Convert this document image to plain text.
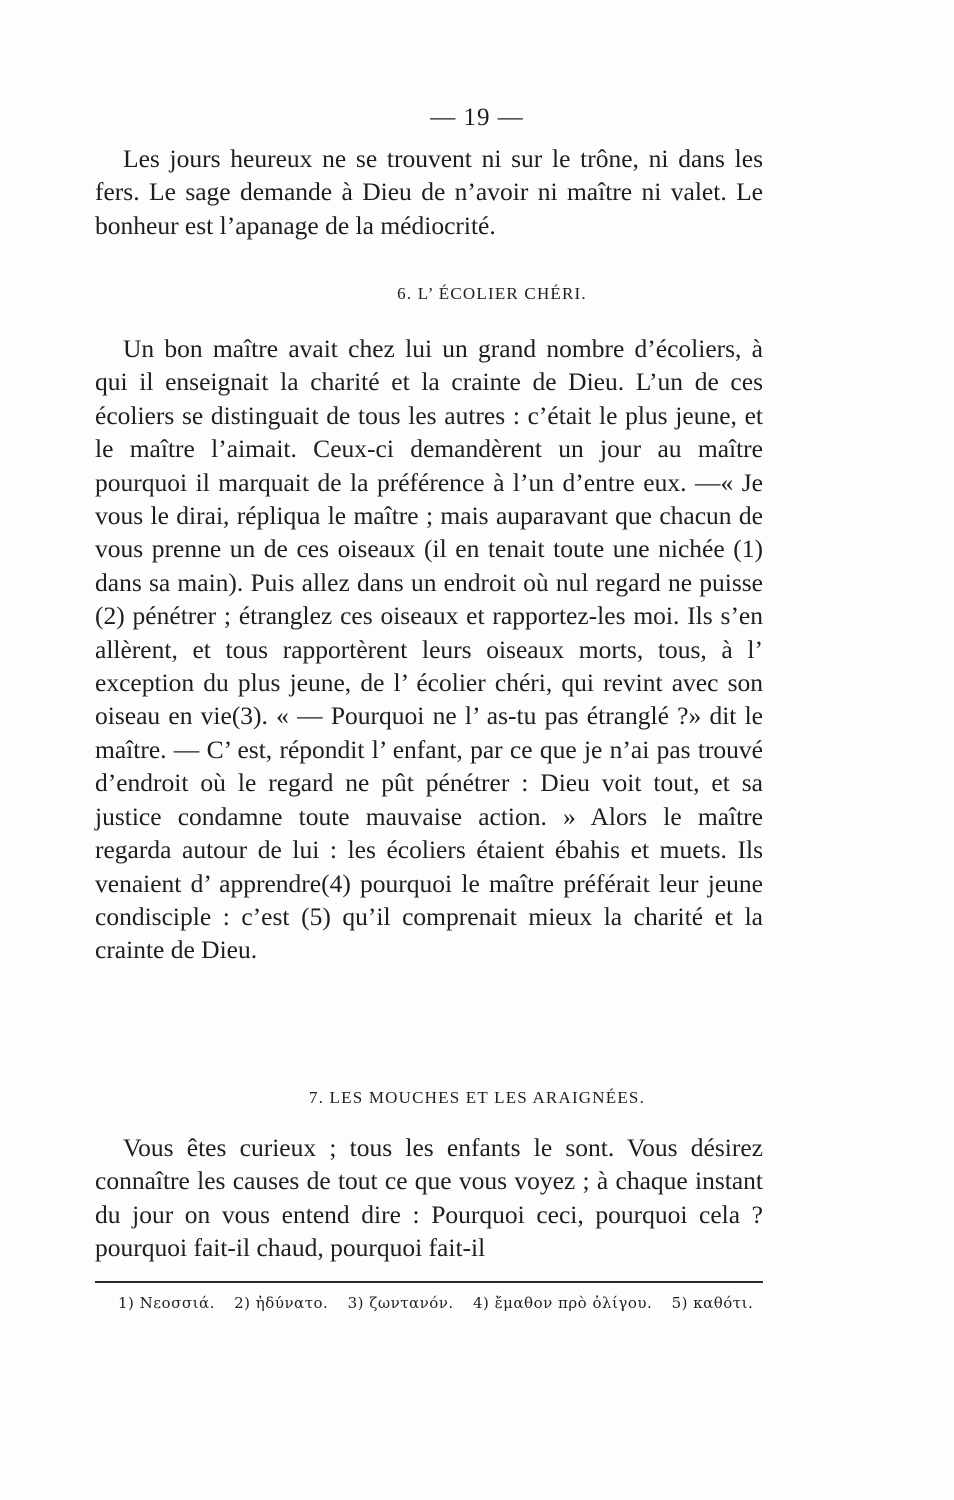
— 19 —

Les jours heureux ne se trouvent ni sur le trône, ni dans les fers. Le sage demande à Dieu de n’avoir ni maître ni valet. Le bonheur est l’apanage de la médiocrité.

6. L’ ÉCOLIER CHÉRI.

Un bon maître avait chez lui un grand nombre d’écoliers, à qui il enseignait la charité et la crainte de Dieu. L’un de ces écoliers se distinguait de tous les autres : c’était le plus jeune, et le maître l’aimait. Ceux-ci demandèrent un jour au maître pourquoi il marquait de la préférence à l’un d’entre eux. —« Je vous le dirai, répliqua le maître ; mais auparavant que chacun de vous prenne un de ces oiseaux (il en tenait toute une nichée (1) dans sa main). Puis allez dans un endroit où nul regard ne puisse (2) pénétrer ; étranglez ces oiseaux et rapportez-les moi. Ils s’en allèrent, et tous rapportèrent leurs oiseaux morts, tous, à l’ exception du plus jeune, de l’ écolier chéri, qui revint avec son oiseau en vie(3). « — Pourquoi ne l’ as-tu pas étranglé ?» dit le maître. — C’ est, répondit l’ enfant, par ce que je n’ai pas trouvé d’endroit où le regard ne pût pénétrer : Dieu voit tout, et sa justice condamne toute mauvaise action. » Alors le maître regarda autour de lui : les écoliers étaient ébahis et muets. Ils venaient d’ apprendre(4) pourquoi le maître préférait leur jeune condisciple : c’est (5) qu’il comprenait mieux la charité et la crainte de Dieu.

7. LES MOUCHES ET LES ARAIGNÉES.

Vous êtes curieux ; tous les enfants le sont. Vous désirez connaître les causes de tout ce que vous voyez ; à chaque instant du jour on vous entend dire : Pourquoi ceci, pourquoi cela ? pourquoi fait-il chaud, pourquoi fait-il

1) Νεοσσιά. 2) ἠδύνατο. 3) ζωντανόν. 4) ἔμαθον πρὸ ὀλίγου. 5) καθότι.
